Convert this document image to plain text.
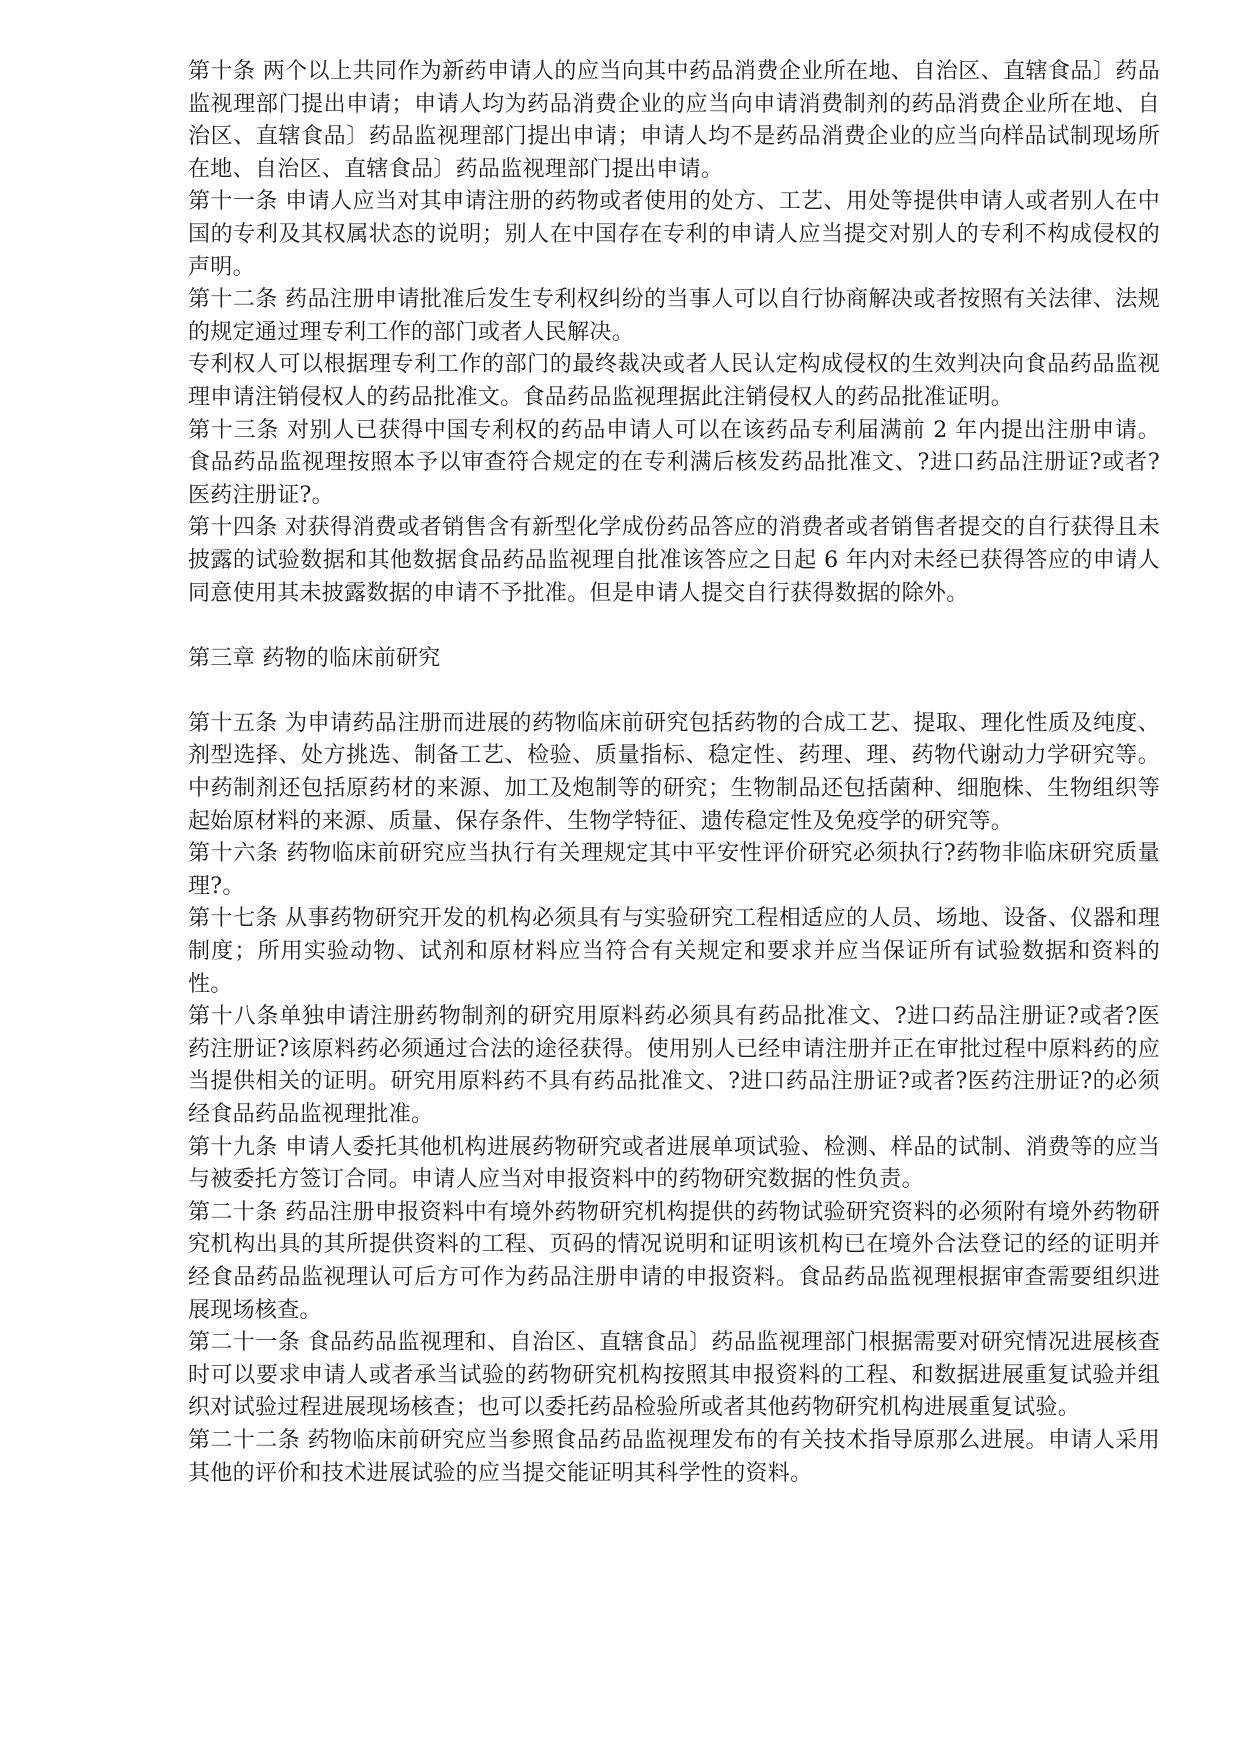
第十条 两个以上共同作为新药申请人的应当向其中药品消费企业所在地、自治区、直辖食品〕药品监视理部门提出申请；申请人均为药品消费企业的应当向申请消费制剂的药品消费企业所在地、自治区、直辖食品〕药品监视理部门提出申请；申请人均不是药品消费企业的应当向样品试制现场所在地、自治区、直辖食品〕药品监视理部门提出申请。

第十一条 申请人应当对其申请注册的药物或者使用的处方、工艺、用处等提供申请人或者别人在中国的专利及其权属状态的说明；别人在中国存在专利的申请人应当提交对别人的专利不构成侵权的声明。

第十二条 药品注册申请批准后发生专利权纠纷的当事人可以自行协商解决或者按照有关法律、法规的规定通过理专利工作的部门或者人民解决。

专利权人可以根据理专利工作的部门的最终裁决或者人民认定构成侵权的生效判决向食品药品监视理申请注销侵权人的药品批准文。食品药品监视理据此注销侵权人的药品批准证明。

第十三条 对别人已获得中国专利权的药品申请人可以在该药品专利届满前 2 年内提出注册申请。食品药品监视理按照本予以审查符合规定的在专利满后核发药品批准文、?进口药品注册证?或者?医药注册证?。

第十四条 对获得消费或者销售含有新型化学成份药品答应的消费者或者销售者提交的自行获得且未披露的试验数据和其他数据食品药品监视理自批准该答应之日起 6 年内对未经已获得答应的申请人同意使用其未披露数据的申请不予批准。但是申请人提交自行获得数据的除外。

第三章 药物的临床前研究

第十五条 为申请药品注册而进展的药物临床前研究包括药物的合成工艺、提取、理化性质及纯度、剂型选择、处方挑选、制备工艺、检验、质量指标、稳定性、药理、理、药物代谢动力学研究等。中药制剂还包括原药材的来源、加工及炮制等的研究；生物制品还包括菌种、细胞株、生物组织等起始原材料的来源、质量、保存条件、生物学特征、遗传稳定性及免疫学的研究等。

第十六条 药物临床前研究应当执行有关理规定其中平安性评价研究必须执行?药物非临床研究质量理?。

第十七条 从事药物研究开发的机构必须具有与实验研究工程相适应的人员、场地、设备、仪器和理制度；所用实验动物、试剂和原材料应当符合有关规定和要求并应当保证所有试验数据和资料的性。

第十八条单独申请注册药物制剂的研究用原料药必须具有药品批准文、?进口药品注册证?或者?医药注册证?该原料药必须通过合法的途径获得。使用别人已经申请注册并正在审批过程中原料药的应当提供相关的证明。研究用原料药不具有药品批准文、?进口药品注册证?或者?医药注册证?的必须经食品药品监视理批准。

第十九条 申请人委托其他机构进展药物研究或者进展单项试验、检测、样品的试制、消费等的应当与被委托方签订合同。申请人应当对申报资料中的药物研究数据的性负责。

第二十条 药品注册申报资料中有境外药物研究机构提供的药物试验研究资料的必须附有境外药物研究机构出具的其所提供资料的工程、页码的情况说明和证明该机构已在境外合法登记的经的证明并经食品药品监视理认可后方可作为药品注册申请的申报资料。食品药品监视理根据审查需要组织进展现场核查。

第二十一条 食品药品监视理和、自治区、直辖食品〕药品监视理部门根据需要对研究情况进展核查时可以要求申请人或者承当试验的药物研究机构按照其申报资料的工程、和数据进展重复试验并组织对试验过程进展现场核查；也可以委托药品检验所或者其他药物研究机构进展重复试验。

第二十二条 药物临床前研究应当参照食品药品监视理发布的有关技术指导原那么进展。申请人采用其他的评价和技术进展试验的应当提交能证明其科学性的资料。
